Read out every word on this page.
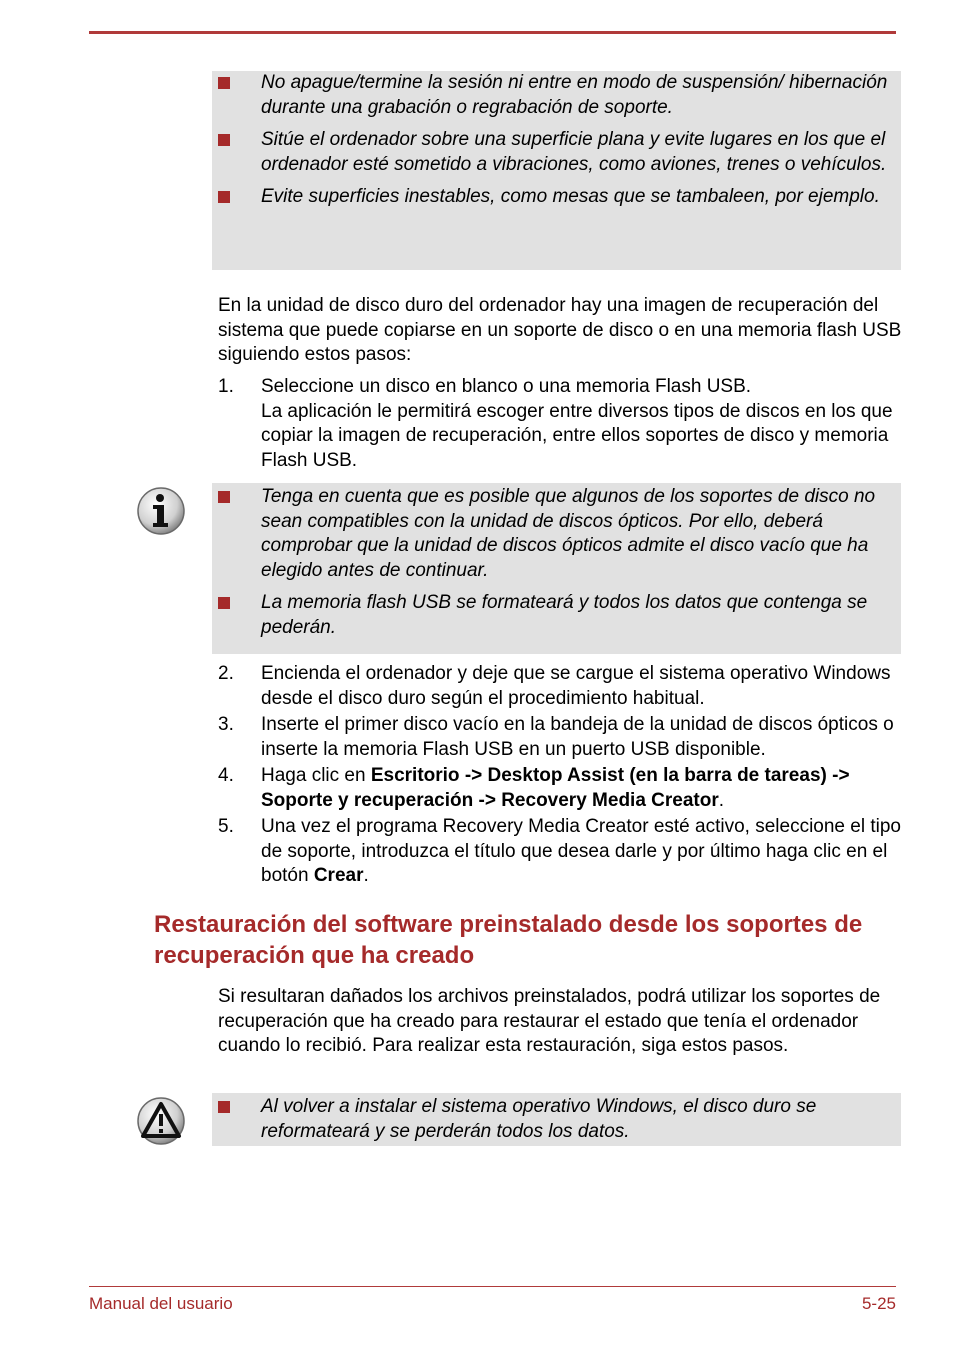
No apague/termine la sesión ni entre en modo de suspensión/ hibernación durante una grabación o regrabación de soporte.
Sitúe el ordenador sobre una superficie plana y evite lugares en los que el ordenador esté sometido a vibraciones, como aviones, trenes o vehículos.
Evite superficies inestables, como mesas que se tambaleen, por ejemplo.

En la unidad de disco duro del ordenador hay una imagen de recuperación del sistema que puede copiarse en un soporte de disco o en una memoria flash USB siguiendo estos pasos:

1. Seleccione un disco en blanco o una memoria Flash USB.
La aplicación le permitirá escoger entre diversos tipos de discos en los que copiar la imagen de recuperación, entre ellos soportes de disco y memoria Flash USB.
Tenga en cuenta que es posible que algunos de los soportes de disco no sean compatibles con la unidad de discos ópticos. Por ello, deberá comprobar que la unidad de discos ópticos admite el disco vacío que ha elegido antes de continuar.
La memoria flash USB se formateará y todos los datos que contenga se pederán.
2. Encienda el ordenador y deje que se cargue el sistema operativo Windows desde el disco duro según el procedimiento habitual.
3. Inserte el primer disco vacío en la bandeja de la unidad de discos ópticos o inserte la memoria Flash USB en un puerto USB disponible.
4. Haga clic en Escritorio -> Desktop Assist (en la barra de tareas) -> Soporte y recuperación -> Recovery Media Creator.
5. Una vez el programa Recovery Media Creator esté activo, seleccione el tipo de soporte, introduzca el título que desea darle y por último haga clic en el botón Crear.
Restauración del software preinstalado desde los soportes de recuperación que ha creado

Si resultaran dañados los archivos preinstalados, podrá utilizar los soportes de recuperación que ha creado para restaurar el estado que tenía el ordenador cuando lo recibió. Para realizar esta restauración, siga estos pasos.

Al volver a instalar el sistema operativo Windows, el disco duro se reformateará y se perderán todos los datos.
Manual del usuario	5-25
